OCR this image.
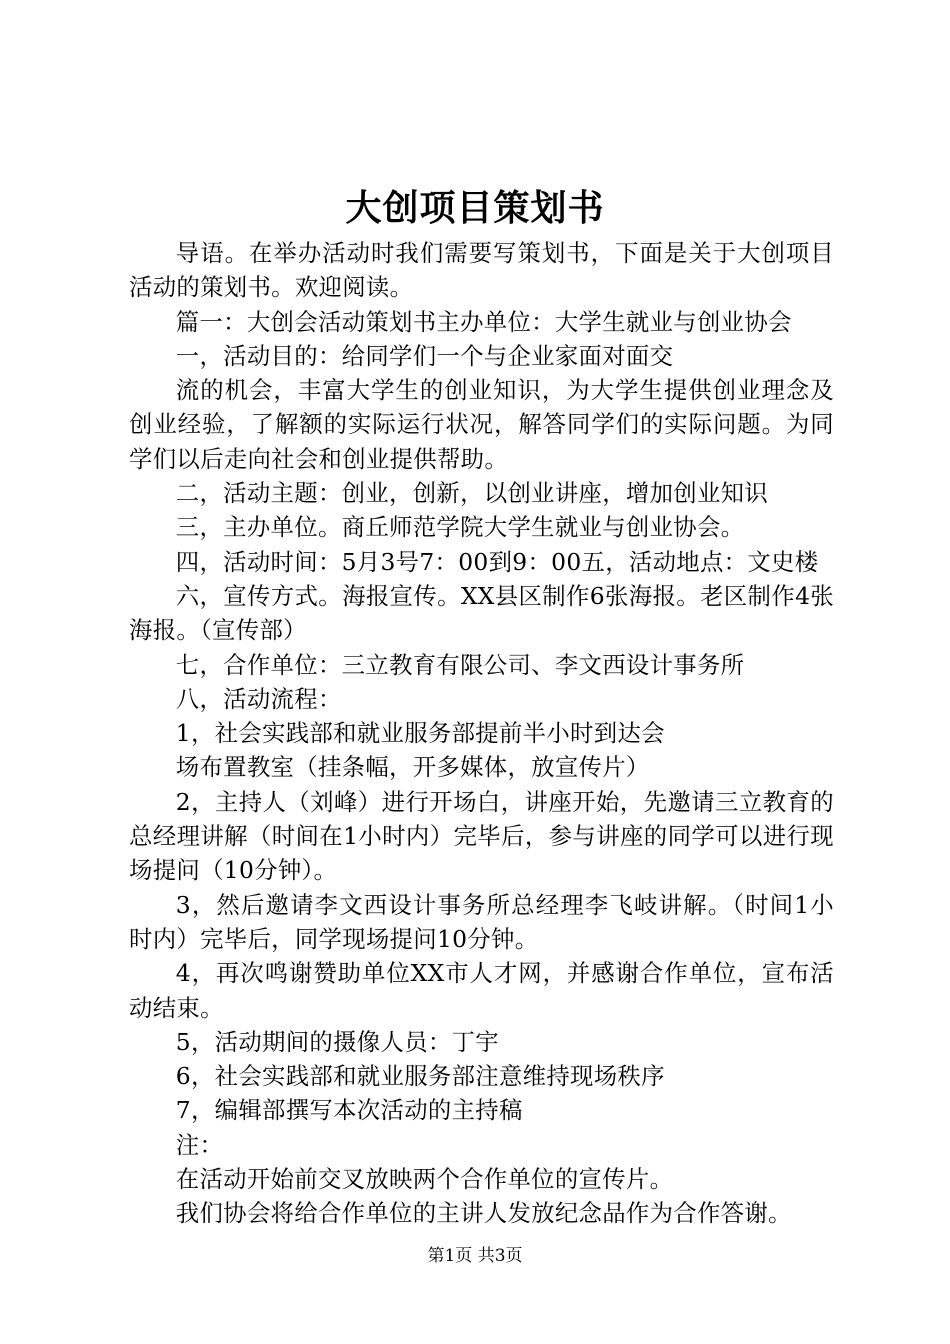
大创项目策划书

导语。在举办活动时我们需要写策划书，下面是关于大创项目活动的策划书。欢迎阅读。

篇一：大创会活动策划书主办单位：大学生就业与创业协会

一，活动目的：给同学们一个与企业家面对面交

流的机会，丰富大学生的创业知识，为大学生提供创业理念及创业经验，了解额的实际运行状况，解答同学们的实际问题。为同学们以后走向社会和创业提供帮助。

二，活动主题：创业，创新，以创业讲座，增加创业知识

三，主办单位。商丘师范学院大学生就业与创业协会。

四，活动时间：5月3号7：00到9：00五，活动地点：文史楼

六，宣传方式。海报宣传。XX县区制作6张海报。老区制作4张海报。（宣传部）

七，合作单位：三立教育有限公司、李文西设计事务所

八，活动流程：

1，社会实践部和就业服务部提前半小时到达会

场布置教室（挂条幅，开多媒体，放宣传片）

2，主持人（刘峰）进行开场白，讲座开始，先邀请三立教育的总经理讲解（时间在1小时内）完毕后，参与讲座的同学可以进行现场提问（10分钟）。

3，然后邀请李文西设计事务所总经理李飞岐讲解。（时间1小时内）完毕后，同学现场提问10分钟。

4，再次鸣谢赞助单位XX市人才网，并感谢合作单位，宣布活动结束。

5，活动期间的摄像人员：丁宇

6，社会实践部和就业服务部注意维持现场秩序

7，编辑部撰写本次活动的主持稿

注：

在活动开始前交叉放映两个合作单位的宣传片。

我们协会将给合作单位的主讲人发放纪念品作为合作答谢。

第1页 共3页
